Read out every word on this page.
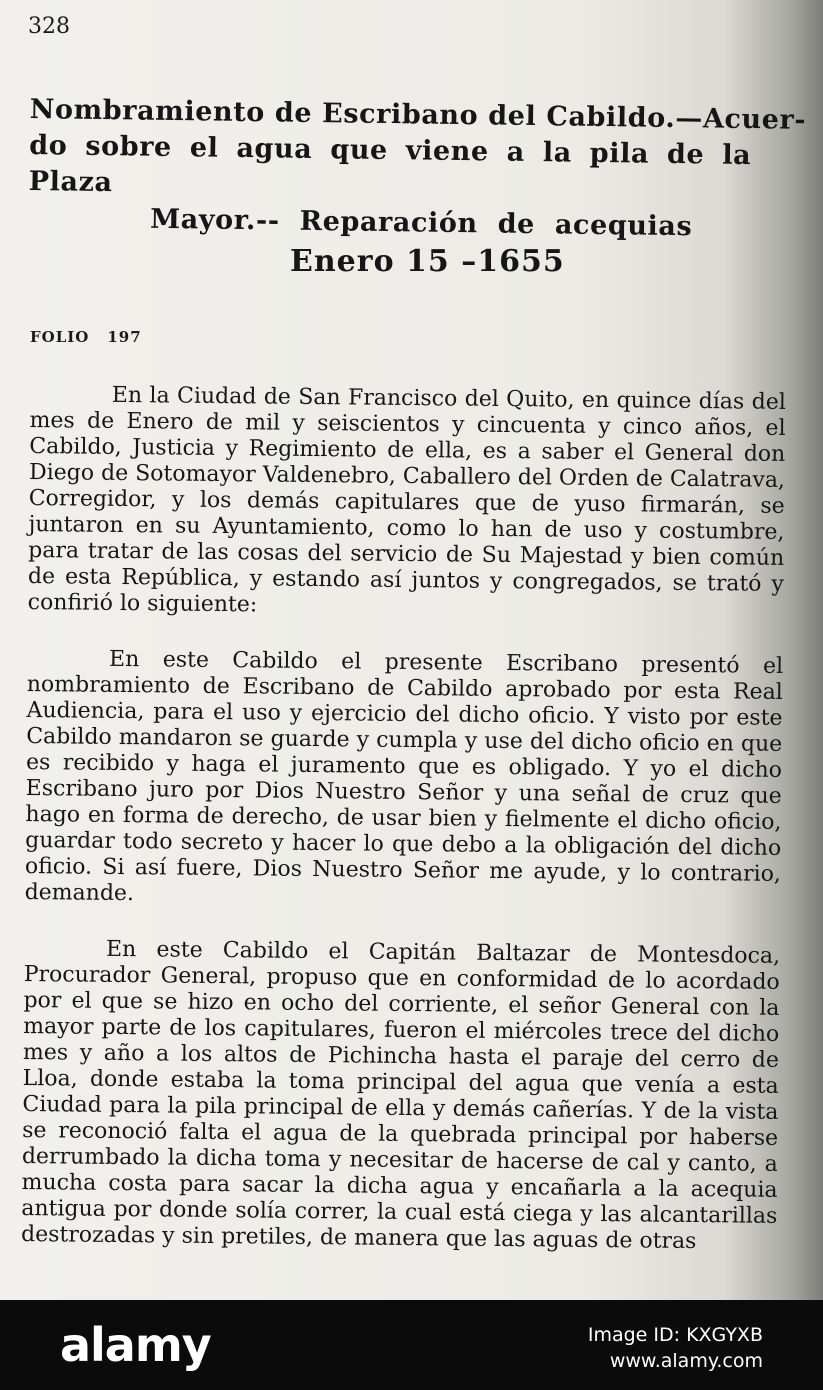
328
Nombramiento de Escribano del Cabildo.—Acuer-
do sobre el agua que viene a la pila de la Plaza
Mayor.-- Reparación de acequias
Enero 15 –1655
FOLIO 197

En la Ciudad de San Francisco del Quito, en quince días del mes de Enero de mil y seiscientos y cincuenta y cinco años, el Cabildo, Justicia y Regimiento de ella, es a saber el General don Diego de Sotomayor Valdenebro, Caballero del Orden de Calatrava, Corregidor, y los demás capitulares que de yuso firmarán, se juntaron en su Ayuntamiento, como lo han de uso y costumbre, para tratar de las cosas del servicio de Su Majestad y bien común de esta República, y estando así juntos y congregados, se trató y confirió lo siguiente:

En este Cabildo el presente Escribano presentó el nombramiento de Escribano de Cabildo aprobado por esta Real Audiencia, para el uso y ejercicio del dicho oficio. Y visto por este Cabildo mandaron se guarde y cumpla y use del dicho oficio en que es recibido y haga el juramento que es obligado. Y yo el dicho Escribano juro por Dios Nuestro Señor y una señal de cruz que hago en forma de derecho, de usar bien y fielmente el dicho oficio, guardar todo secreto y hacer lo que debo a la obligación del dicho oficio. Si así fuere, Dios Nuestro Señor me ayude, y lo contrario, demande.

En este Cabildo el Capitán Baltazar de Montesdoca, Procurador General, propuso que en conformidad de lo acordado por el que se hizo en ocho del corriente, el señor General con la mayor parte de los capitulares, fueron el miércoles trece del dicho mes y año a los altos de Pichincha hasta el paraje del cerro de Lloa, donde estaba la toma principal del agua que venía a esta Ciudad para la pila principal de ella y demás cañerías. Y de la vista se reconoció falta el agua de la quebrada principal por haberse derrumbado la dicha toma y necesitar de hacerse de cal y canto, a mucha costa para sacar la dicha agua y encañarla a la acequia antigua por donde solía correr, la cual está ciega y las alcantarillas destrozadas y sin pretiles, de manera que las aguas de otras

alamy	Image ID: KXGYXB
www.alamy.com
